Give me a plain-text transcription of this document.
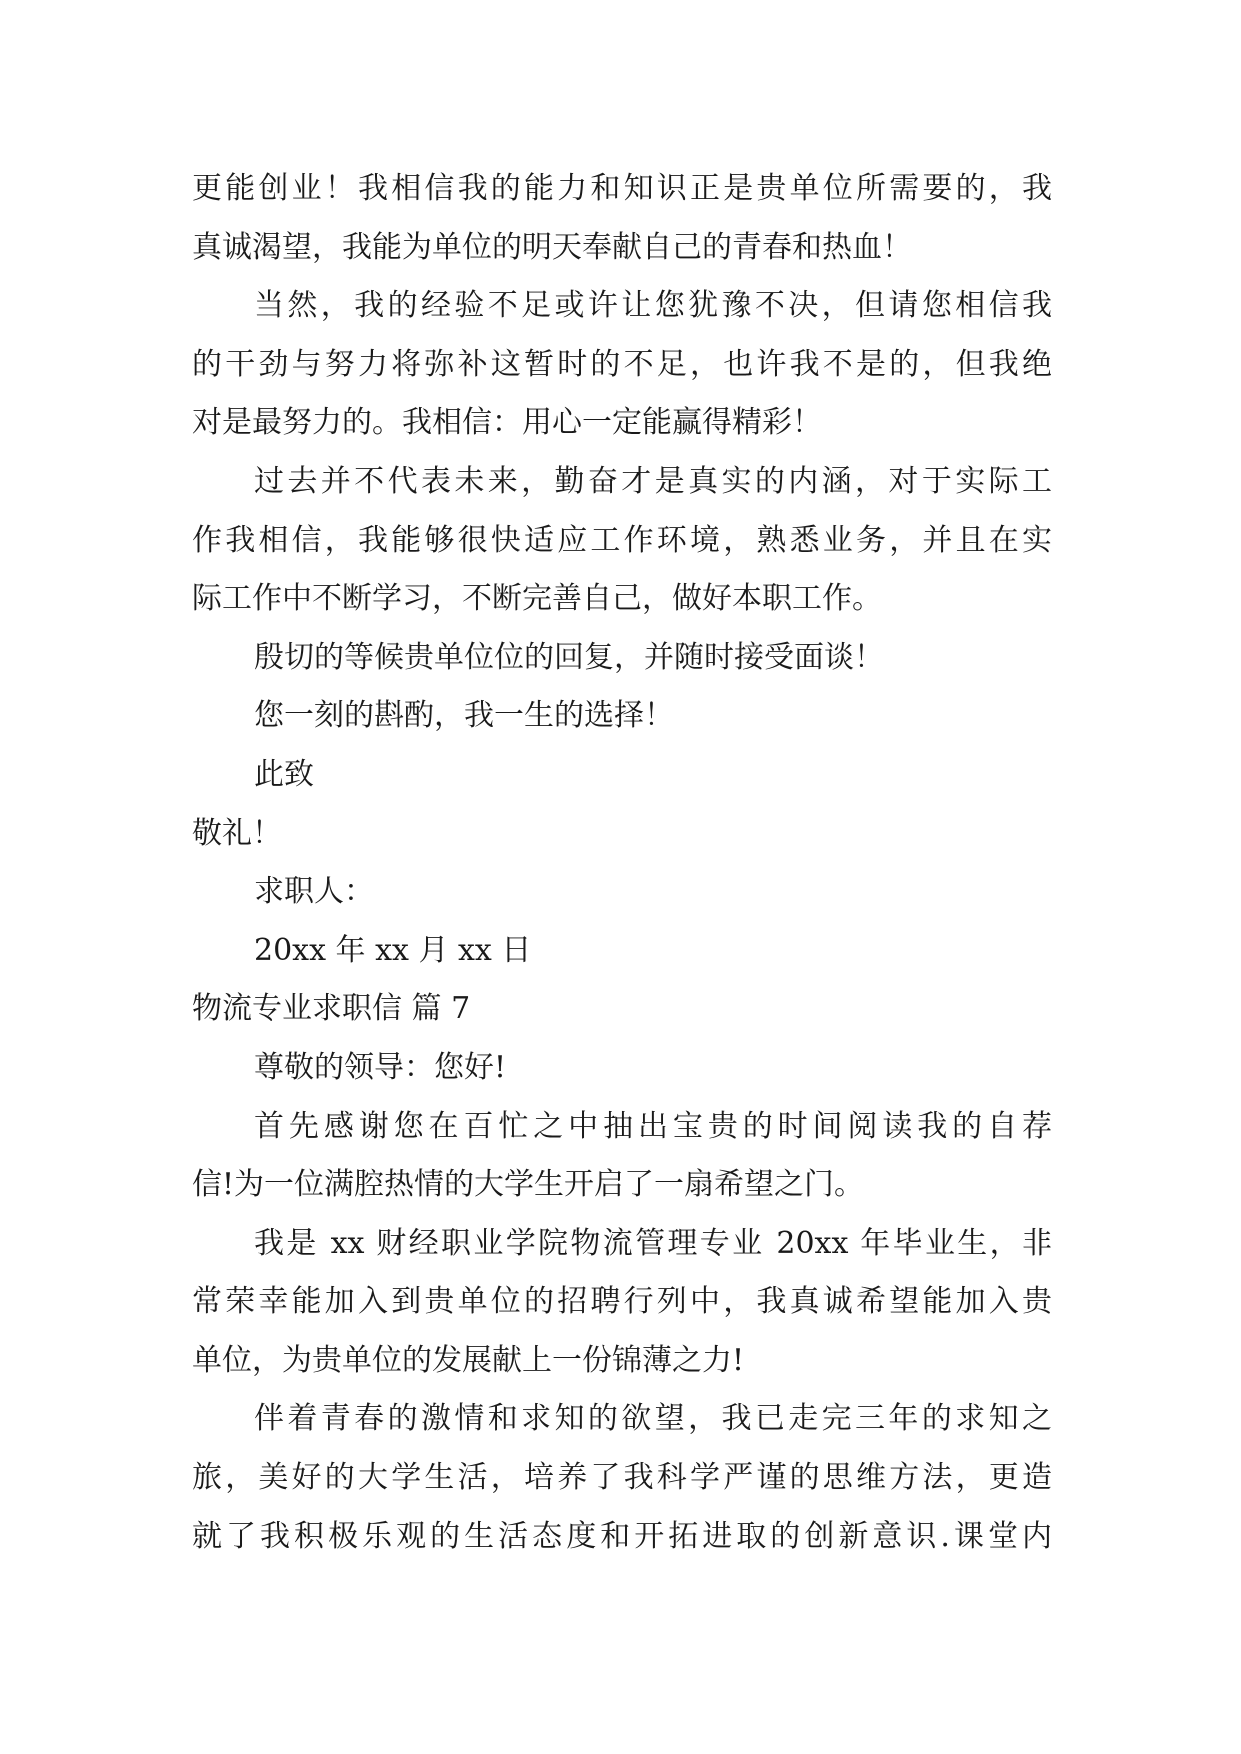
更能创业！我相信我的能力和知识正是贵单位所需要的，我
真诚渴望，我能为单位的明天奉献自己的青春和热血！
当然，我的经验不足或许让您犹豫不决，但请您相信我
的干劲与努力将弥补这暂时的不足，也许我不是的，但我绝
对是最努力的。我相信：用心一定能赢得精彩！
过去并不代表未来，勤奋才是真实的内涵，对于实际工
作我相信，我能够很快适应工作环境，熟悉业务，并且在实
际工作中不断学习，不断完善自己，做好本职工作。
殷切的等候贵单位位的回复，并随时接受面谈！
您一刻的斟酌，我一生的选择！
此致
敬礼！
求职人：
20xx 年 xx 月 xx 日
物流专业求职信 篇 7
尊敬的领导：您好!
首先感谢您在百忙之中抽出宝贵的时间阅读我的自荐
信!为一位满腔热情的大学生开启了一扇希望之门。
我是 xx 财经职业学院物流管理专业 20xx 年毕业生，非
常荣幸能加入到贵单位的招聘行列中，我真诚希望能加入贵
单位，为贵单位的发展献上一份锦薄之力!
伴着青春的激情和求知的欲望，我已走完三年的求知之
旅，美好的大学生活，培养了我科学严谨的思维方法，更造
就了我积极乐观的生活态度和开拓进取的创新意识.课堂内
